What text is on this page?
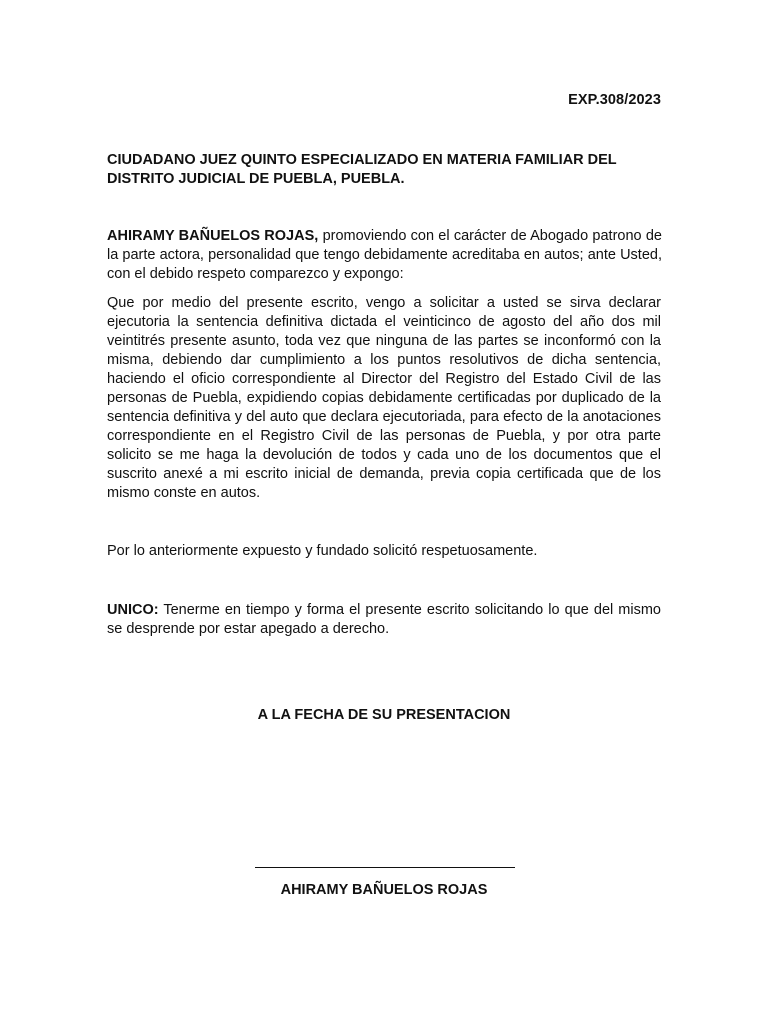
EXP.308/2023
CIUDADANO JUEZ QUINTO ESPECIALIZADO EN MATERIA FAMILIAR DEL DISTRITO JUDICIAL DE PUEBLA, PUEBLA.
AHIRAMY BAÑUELOS ROJAS, promoviendo con el carácter de Abogado patrono de la parte actora, personalidad que tengo debidamente acreditaba en autos; ante Usted, con el debido respeto comparezco y expongo:
Que por medio del presente escrito, vengo a solicitar a usted se sirva declarar ejecutoria la sentencia definitiva dictada el veinticinco de agosto del año dos mil veintitrés presente asunto, toda vez que ninguna de las partes se inconformó con la misma, debiendo dar cumplimiento a los puntos resolutivos de dicha sentencia, haciendo el oficio correspondiente al Director del Registro del Estado Civil de las personas de Puebla, expidiendo copias debidamente certificadas por duplicado de la sentencia definitiva y del auto que declara ejecutoriada, para efecto de la anotaciones correspondiente en el Registro Civil de las personas de Puebla, y por otra parte solicito se me haga la devolución de todos y cada uno de los documentos que el suscrito anexé a mi escrito inicial de demanda, previa copia certificada que de los mismo conste en autos.
Por lo anteriormente expuesto y fundado solicitó respetuosamente.
UNICO: Tenerme en tiempo y forma el presente escrito solicitando lo que del mismo se desprende por estar apegado a derecho.
A LA FECHA DE SU PRESENTACION
AHIRAMY BAÑUELOS ROJAS
